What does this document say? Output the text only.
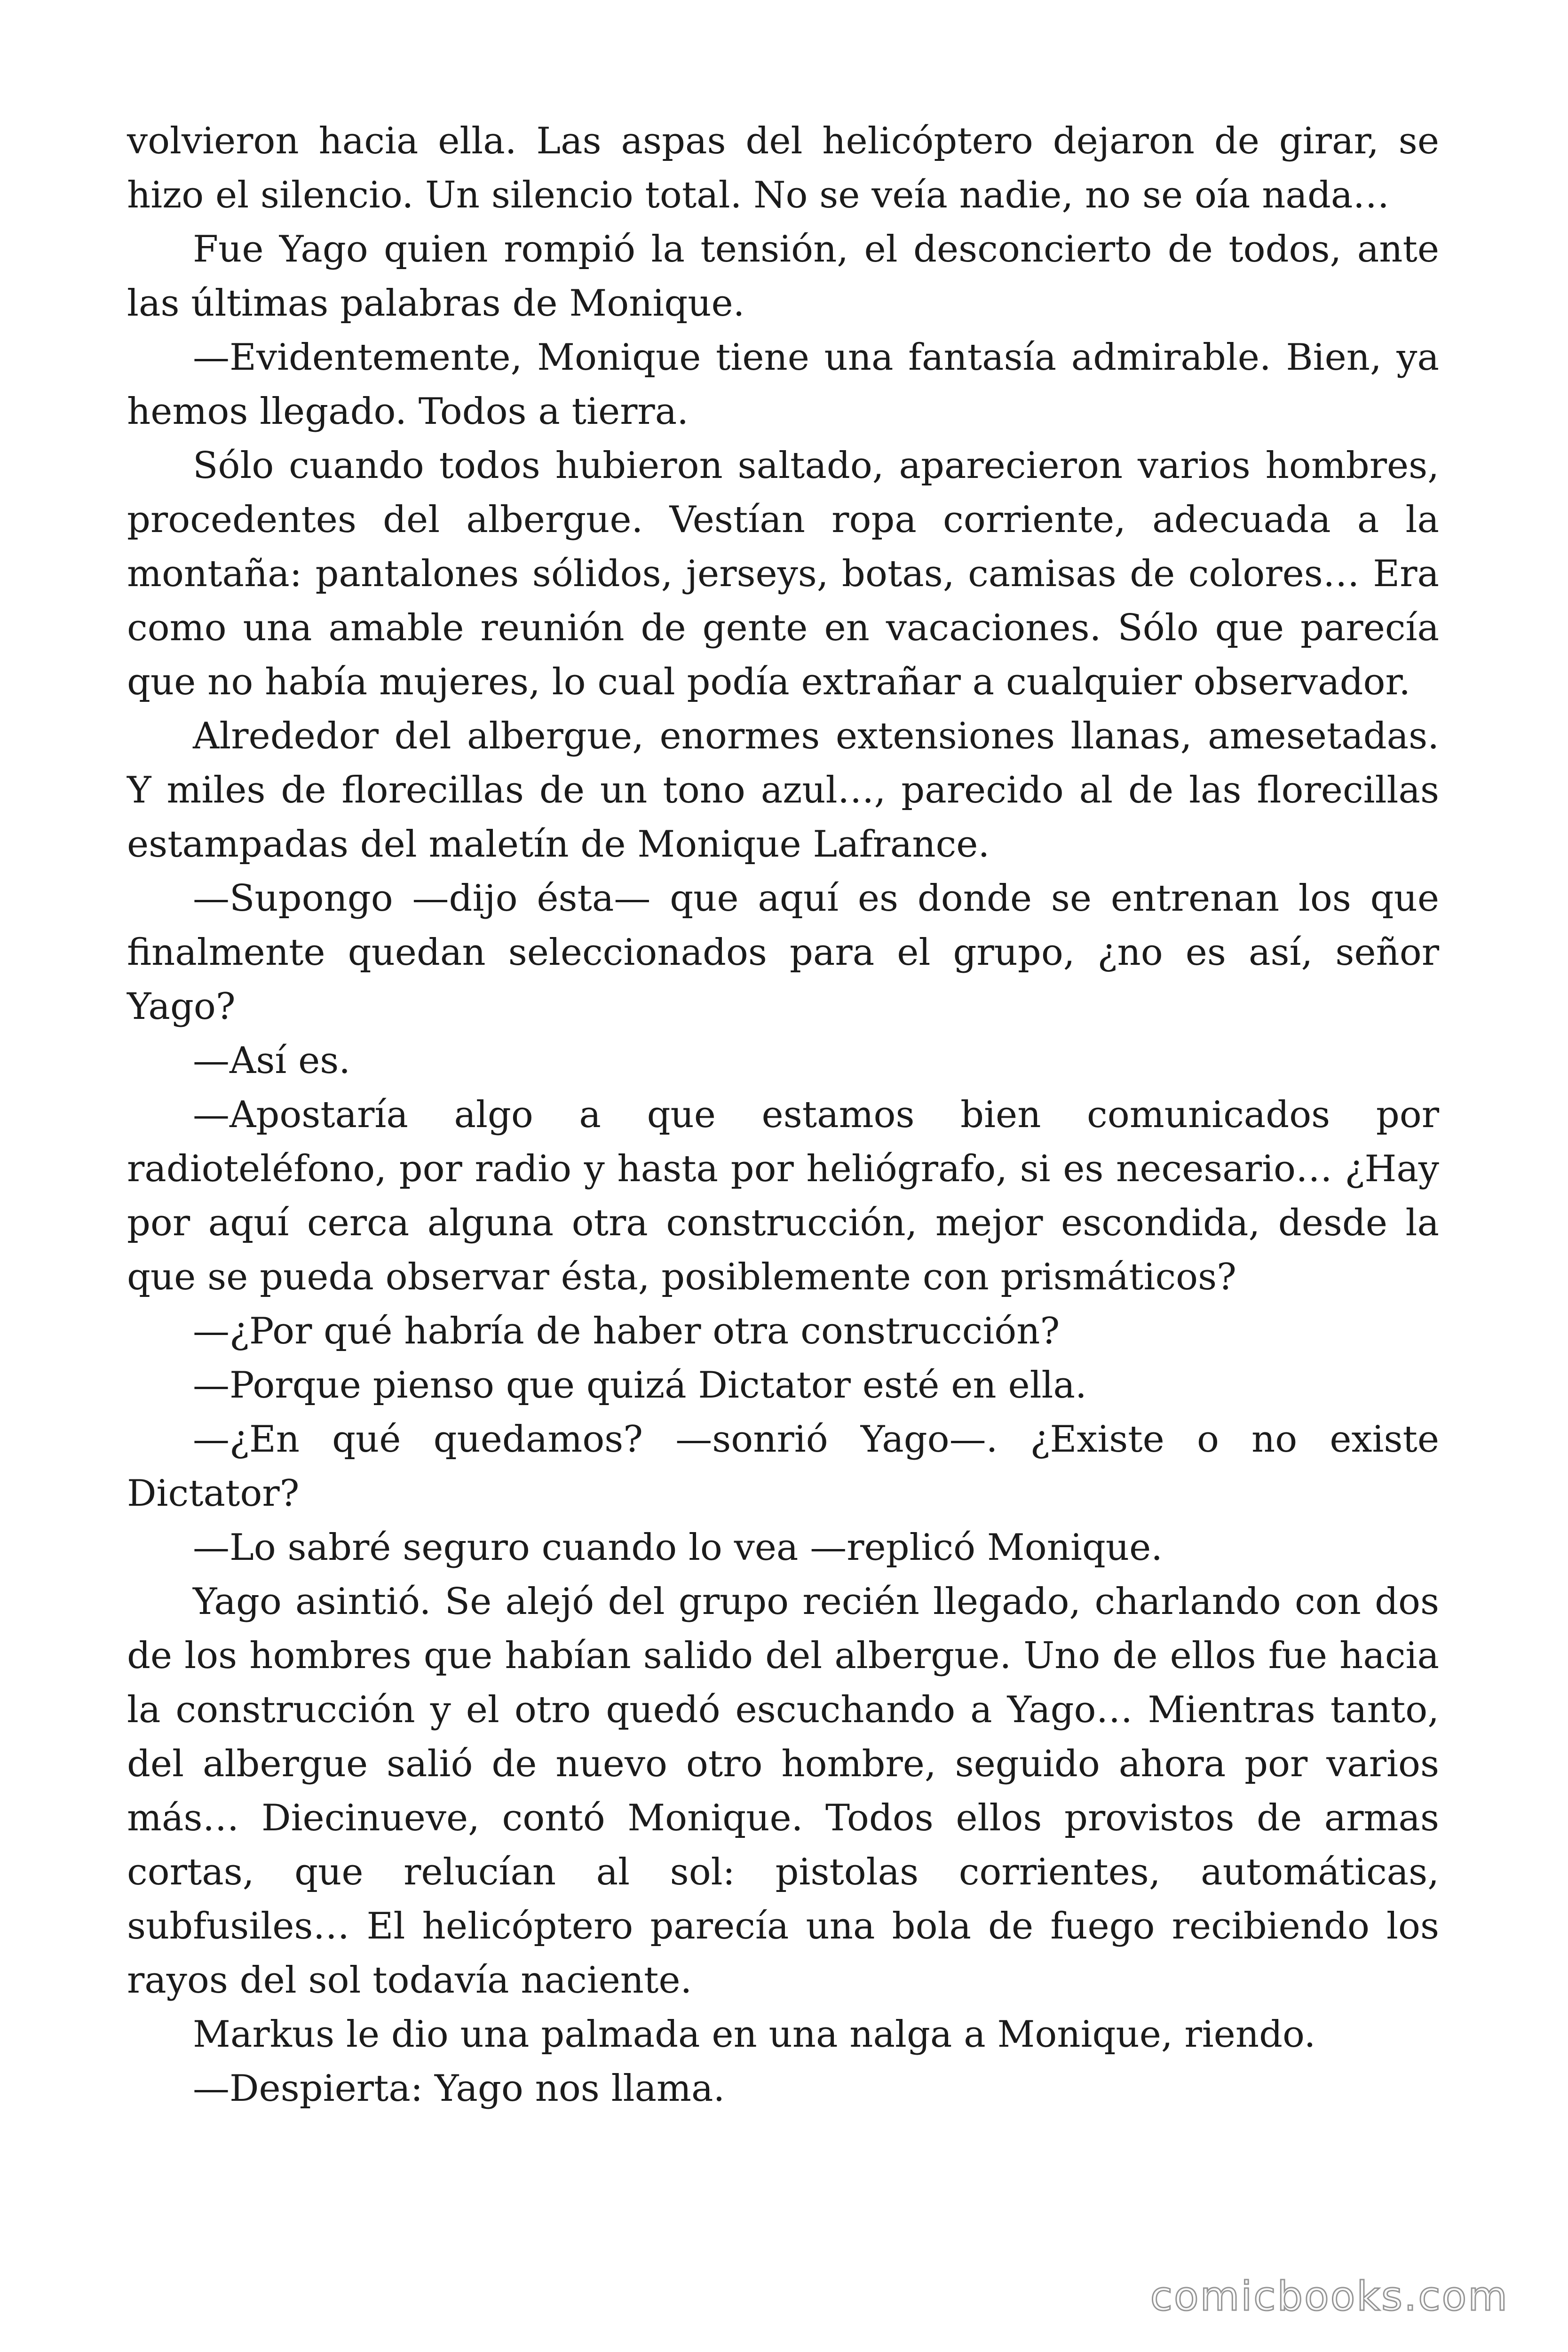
volvieron hacia ella. Las aspas del helicóptero dejaron de girar, se hizo el silencio. Un silencio total. No se veía nadie, no se oía nada…

Fue Yago quien rompió la tensión, el desconcierto de todos, ante las últimas palabras de Monique.

—Evidentemente, Monique tiene una fantasía admirable. Bien, ya hemos llegado. Todos a tierra.

Sólo cuando todos hubieron saltado, aparecieron varios hombres, procedentes del albergue. Vestían ropa corriente, adecuada a la montaña: pantalones sólidos, jerseys, botas, camisas de colores… Era como una amable reunión de gente en vacaciones. Sólo que parecía que no había mujeres, lo cual podía extrañar a cualquier observador.

Alrededor del albergue, enormes extensiones llanas, amesetadas. Y miles de florecillas de un tono azul…, parecido al de las florecillas estampadas del maletín de Monique Lafrance.

—Supongo —dijo ésta— que aquí es donde se entrenan los que finalmente quedan seleccionados para el grupo, ¿no es así, señor Yago?

—Así es.

—Apostaría algo a que estamos bien comunicados por radioteléfono, por radio y hasta por heliógrafo, si es necesario… ¿Hay por aquí cerca alguna otra construcción, mejor escondida, desde la que se pueda observar ésta, posiblemente con prismáticos?

—¿Por qué habría de haber otra construcción?

—Porque pienso que quizá Dictator esté en ella.

—¿En qué quedamos? —sonrió Yago—. ¿Existe o no existe Dictator?

—Lo sabré seguro cuando lo vea —replicó Monique.

Yago asintió. Se alejó del grupo recién llegado, charlando con dos de los hombres que habían salido del albergue. Uno de ellos fue hacia la construcción y el otro quedó escuchando a Yago… Mientras tanto, del albergue salió de nuevo otro hombre, seguido ahora por varios más… Diecinueve, contó Monique. Todos ellos provistos de armas cortas, que relucían al sol: pistolas corrientes, automáticas, subfusiles… El helicóptero parecía una bola de fuego recibiendo los rayos del sol todavía naciente.

Markus le dio una palmada en una nalga a Monique, riendo.

—Despierta: Yago nos llama.

comicbooks.com
